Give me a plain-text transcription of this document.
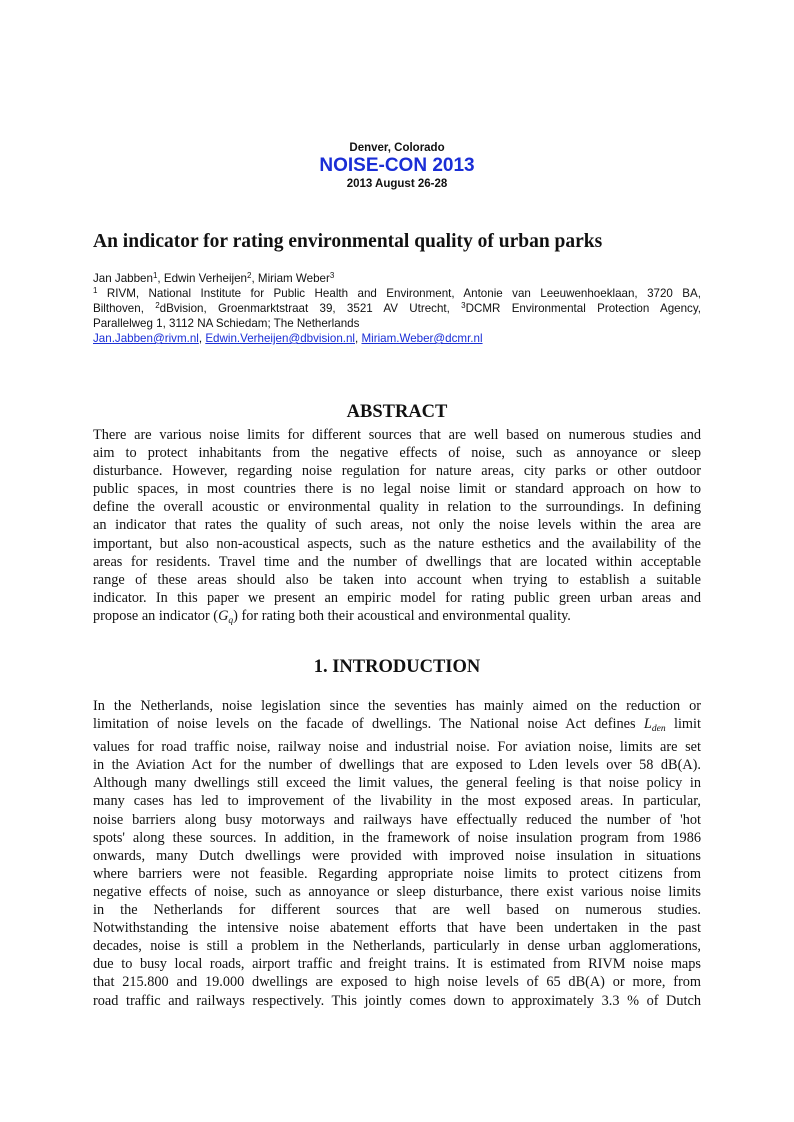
Denver, Colorado
NOISE-CON 2013
2013 August 26-28
An indicator for rating environmental quality of urban parks
Jan Jabben$^1$, Edwin Verheijen$^2$, Miriam Weber$^3$
$^1$ RIVM, National Institute for Public Health and Environment, Antonie van Leeuwenhoeklaan, 3720 BA,
Bilthoven, $^2$dBvision, Groenmarktstraat 39, 3521 AV Utrecht, $^3$DCMR Environmental Protection Agency,
Parallelweg 1, 3112 NA Schiedam; The Netherlands
Jan.Jabben@rivm.nl, Edwin.Verheijen@dbvision.nl, Miriam.Weber@dcmr.nl
ABSTRACT
There are various noise limits for different sources that are well based on numerous studies and
aim to protect inhabitants from the negative effects of noise, such as annoyance or sleep
disturbance. However, regarding noise regulation for nature areas, city parks or other outdoor
public spaces, in most countries there is no legal noise limit or standard approach on how to
define the overall acoustic or environmental quality in relation to the surroundings. In defining
an indicator that rates the quality of such areas, not only the noise levels within the area are
important, but also non-acoustical aspects, such as the nature esthetics and the availability of the
areas for residents. Travel time and the number of dwellings that are located within acceptable
range of these areas should also be taken into account when trying to establish a suitable
indicator. In this paper we present an empiric model for rating public green urban areas and
propose an indicator $(G_q)$ for rating both their acoustical and environmental quality.
1. INTRODUCTION
In the Netherlands, noise legislation since the seventies has mainly aimed on the reduction or
limitation of noise levels on the facade of dwellings. The National noise Act defines $L_{den}$ limit
values for road traffic noise, railway noise and industrial noise. For aviation noise, limits are set
in the Aviation Act for the number of dwellings that are exposed to Lden levels over 58 dB(A).
Although many dwellings still exceed the limit values, the general feeling is that noise policy in
many cases has led to improvement of the livability in the most exposed areas. In particular,
noise barriers along busy motorways and railways have effectually reduced the number of 'hot
spots' along these sources. In addition, in the framework of noise insulation program from 1986
onwards, many Dutch dwellings were provided with improved noise insulation in situations
where barriers were not feasible. Regarding appropriate noise limits to protect citizens from
negative effects of noise, such as annoyance or sleep disturbance, there exist various noise limits
in the Netherlands for different sources that are well based on numerous studies.
Notwithstanding the intensive noise abatement efforts that have been undertaken in the past
decades, noise is still a problem in the Netherlands, particularly in dense urban agglomerations,
due to busy local roads, airport traffic and freight trains. It is estimated from RIVM noise maps
that 215.800 and 19.000 dwellings are exposed to high noise levels of 65 dB(A) or more, from
road traffic and railways respectively. This jointly comes down to approximately 3.3 % of Dutch
